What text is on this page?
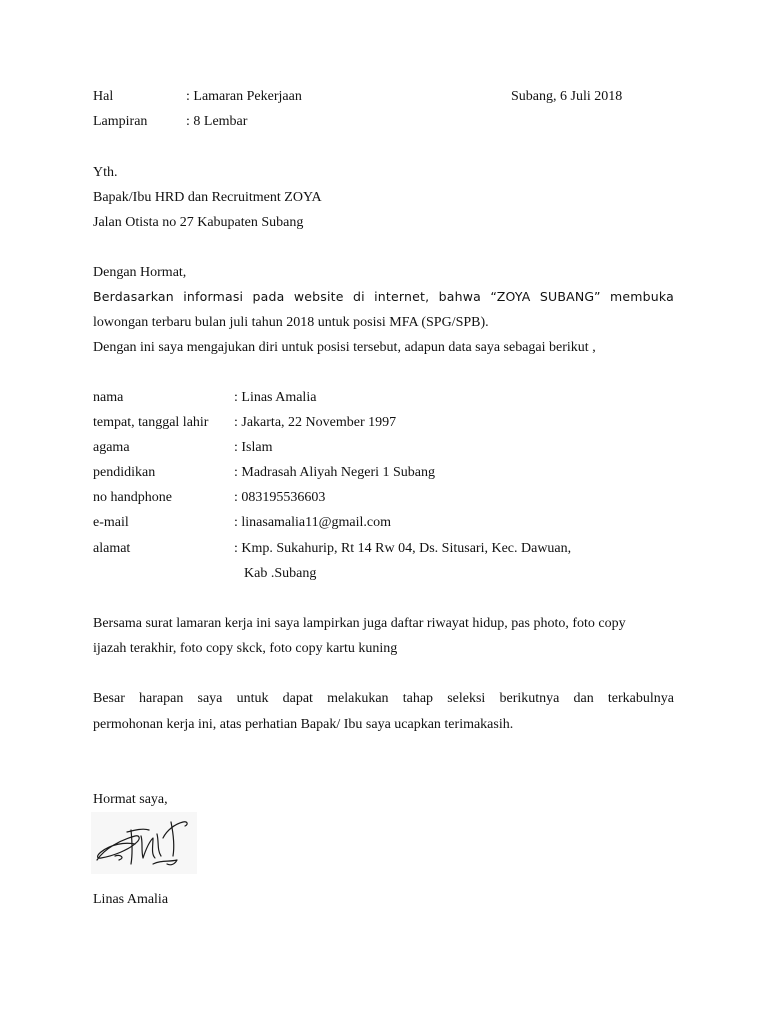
Hal	: Lamaran Pekerjaan	Subang, 6 Juli 2018
Lampiran	: 8 Lembar
Yth.
Bapak/Ibu HRD dan Recruitment ZOYA
Jalan Otista no 27 Kabupaten Subang
Dengan Hormat,
Berdasarkan informasi pada website di internet, bahwa “ZOYA SUBANG” membuka
lowongan terbaru bulan juli tahun 2018 untuk posisi MFA (SPG/SPB).
Dengan ini saya mengajukan diri untuk posisi tersebut, adapun data saya sebagai berikut ,
nama	: Linas Amalia
tempat, tanggal lahir : Jakarta, 22 November 1997
agama	: Islam
pendidikan	: Madrasah Aliyah Negeri 1 Subang
no handphone	: 083195536603
e-mail	: linasamalia11@gmail.com
alamat	: Kmp. Sukahurip, Rt 14 Rw 04, Ds. Situsari, Kec. Dawuan,
Kab .Subang
Bersama surat lamaran kerja ini saya lampirkan juga daftar riwayat hidup, pas photo, foto copy
ijazah terakhir, foto copy skck, foto copy kartu kuning
Besar harapan saya untuk dapat melakukan tahap seleksi berikutnya dan terkabulnya
permohonan kerja ini, atas perhatian Bapak/ Ibu saya ucapkan terimakasih.
Hormat saya,
Linas Amalia
